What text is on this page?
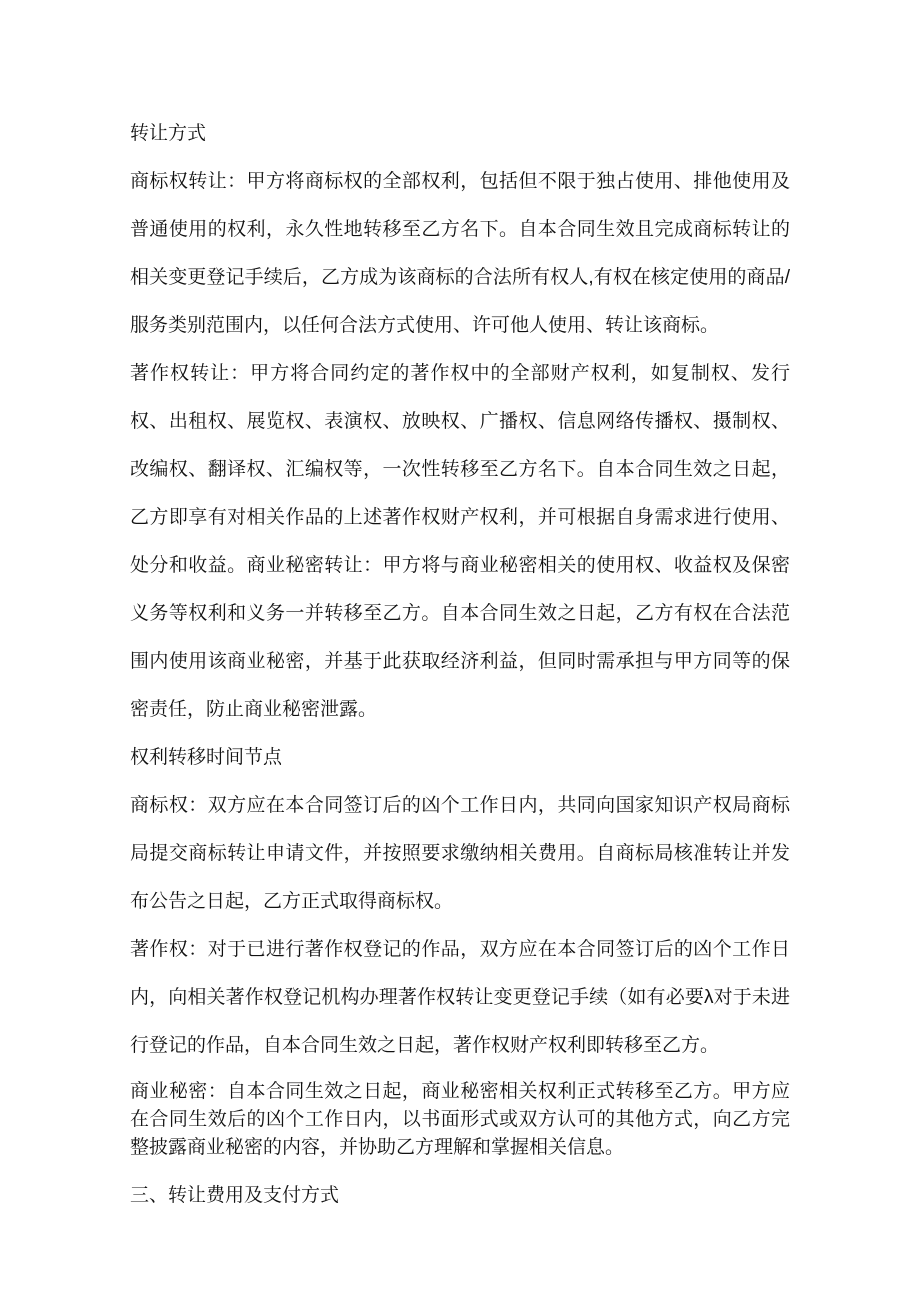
转让方式

商标权转让：甲方将商标权的全部权利，包括但不限于独占使用、排他使用及普通使用的权利，永久性地转移至乙方名下。自本合同生效且完成商标转让的相关变更登记手续后，乙方成为该商标的合法所有权人,有权在核定使用的商品/服务类别范围内，以任何合法方式使用、许可他人使用、转让该商标。

著作权转让：甲方将合同约定的著作权中的全部财产权利，如复制权、发行权、出租权、展览权、表演权、放映权、广播权、信息网络传播权、摄制权、改编权、翻译权、汇编权等，一次性转移至乙方名下。自本合同生效之日起，乙方即享有对相关作品的上述著作权财产权利，并可根据自身需求进行使用、处分和收益。商业秘密转让：甲方将与商业秘密相关的使用权、收益权及保密义务等权利和义务一并转移至乙方。自本合同生效之日起，乙方有权在合法范围内使用该商业秘密，并基于此获取经济利益，但同时需承担与甲方同等的保密责任，防止商业秘密泄露。

权利转移时间节点

商标权：双方应在本合同签订后的凶个工作日内，共同向国家知识产权局商标局提交商标转让申请文件，并按照要求缴纳相关费用。自商标局核准转让并发布公告之日起，乙方正式取得商标权。

著作权：对于已进行著作权登记的作品，双方应在本合同签订后的凶个工作日内，向相关著作权登记机构办理著作权转让变更登记手续（如有必要λ对于未进行登记的作品，自本合同生效之日起，著作权财产权利即转移至乙方。

商业秘密：自本合同生效之日起，商业秘密相关权利正式转移至乙方。甲方应在合同生效后的凶个工作日内，以书面形式或双方认可的其他方式，向乙方完整披露商业秘密的内容，并协助乙方理解和掌握相关信息。

三、转让费用及支付方式
